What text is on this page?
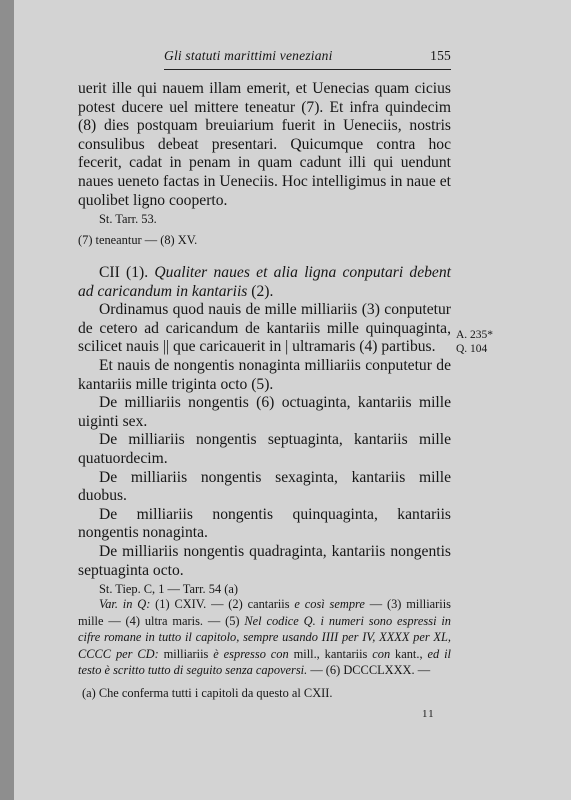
Gli statuti marittimi veneziani	155

uerit ille qui nauem illam emerit, et Uenecias quam cicius potest ducere uel mittere teneatur (7). Et infra quindecim (8) dies postquam breuiarium fuerit in Ueneciis, nostris consulibus debeat presentari. Quicumque contra hoc fecerit, cadat in penam in quam cadunt illi qui uendunt naues ueneto factas in Ueneciis. Hoc intelligimus in naue et quolibet ligno cooperto.

St. Tarr. 53.

(7) teneantur — (8) XV.

CII (1). Qualiter naues et alia ligna conputari debent ad caricandum in kantariis (2).

Ordinamus quod nauis de mille milliariis (3) conputetur de cetero ad caricandum de kantariis mille quinquaginta, scilicet nauis || que caricauerit in | ultramaris (4) partibus.

Et nauis de nongentis nonaginta milliariis conputetur de kantariis mille triginta octo (5).

De milliariis nongentis (6) octuaginta, kantariis mille uiginti sex.

De milliariis nongentis septuaginta, kantariis mille quatuordecim.

De milliariis nongentis sexaginta, kantariis mille duobus.

De milliariis nongentis quinquaginta, kantariis nongentis nonaginta.

De milliariis nongentis quadraginta, kantariis nongentis septuaginta octo.

St. Tiep. C, 1 — Tarr. 54 (a)

A. 235*
Q. 104

Var. in Q: (1) CXIV. — (2) cantariis e così sempre — (3) milliariis mille — (4) ultra maris. — (5) Nel codice Q. i numeri sono espressi in cifre romane in tutto il capitolo, sempre usando IIII per IV, XXXX per XL, CCCC per CD: milliariis è espresso con mill., kantariis con kant., ed il testo è scritto tutto di seguito senza capoversi. — (6) DCCCLXXX. —

(a) Che conferma tutti i capitoli da questo al CXII.

11
